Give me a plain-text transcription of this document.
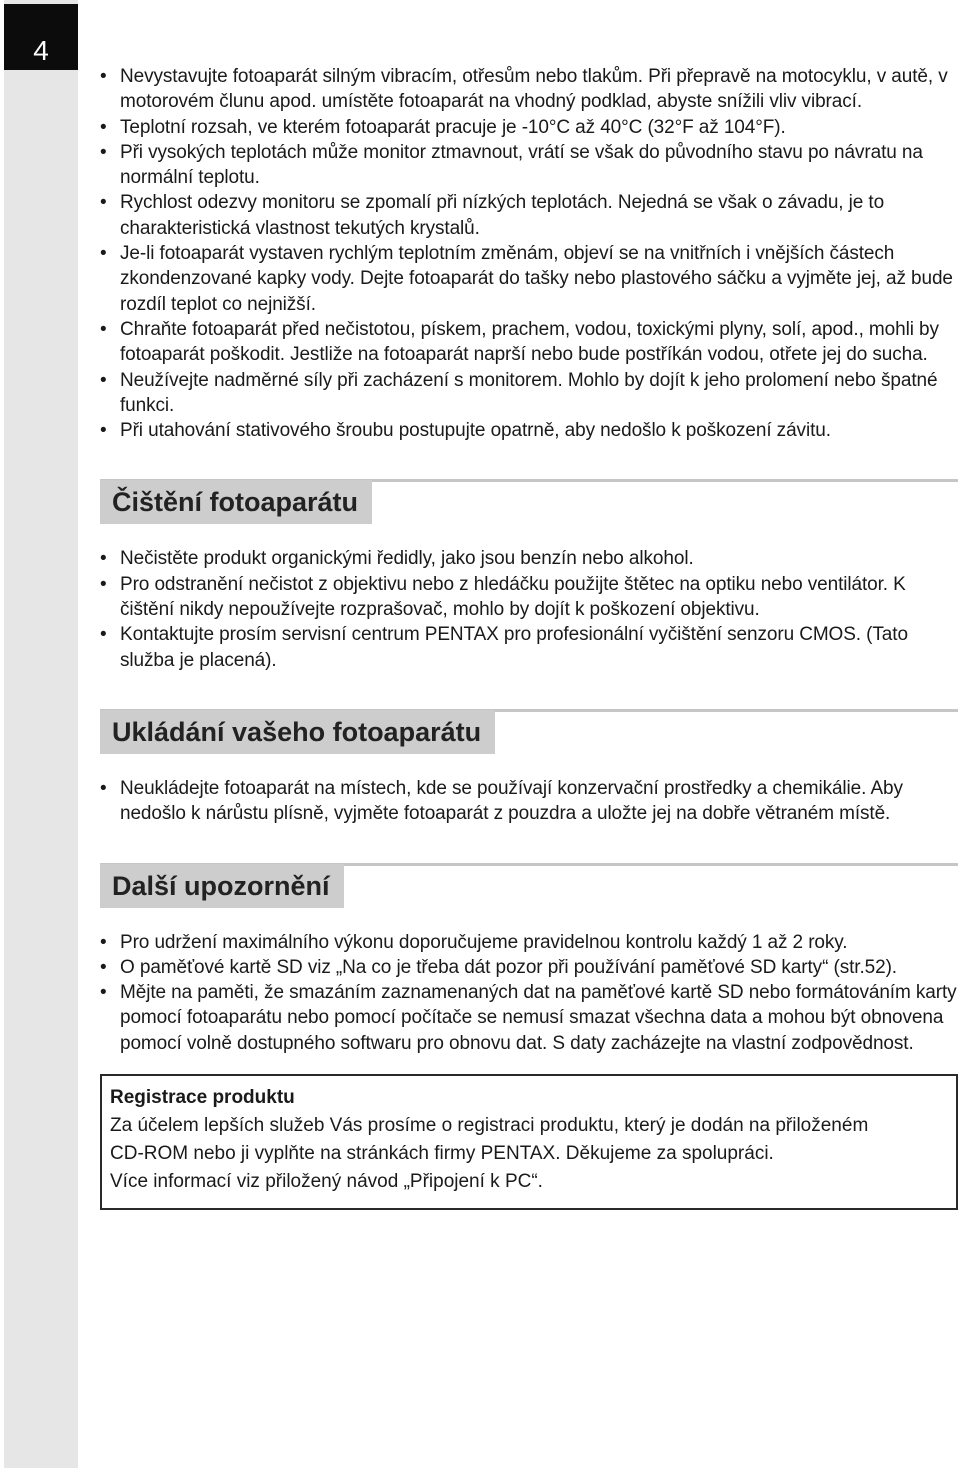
4
• Nevystavujte fotoaparát silným vibracím, otřesům nebo tlakům. Při přepravě na motocyklu, v autě, v motorovém člunu apod. umístěte fotoaparát na vhodný podklad, abyste snížili vliv vibrací.
• Teplotní rozsah, ve kterém fotoaparát pracuje je -10°C až 40°C (32°F až 104°F).
• Při vysokých teplotách může monitor ztmavnout, vrátí se však do původního stavu po návratu na normální teplotu.
• Rychlost odezvy monitoru se zpomalí při nízkých teplotách. Nejedná se však o závadu, je to charakteristická vlastnost tekutých krystalů.
• Je-li fotoaparát vystaven rychlým teplotním změnám, objeví se na vnitřních i vnějších částech zkondenzované kapky vody. Dejte fotoaparát do tašky nebo plastového sáčku a vyjměte jej, až bude rozdíl teplot co nejnižší.
• Chraňte fotoaparát před nečistotou, pískem, prachem, vodou, toxickými plyny, solí, apod., mohli by fotoaparát poškodit. Jestliže na fotoaparát naprší nebo bude postříkán vodou, otřete jej do sucha.
• Neužívejte nadměrné síly při zacházení s monitorem. Mohlo by dojít k jeho prolomení nebo špatné funkci.
• Při utahování stativového šroubu postupujte opatrně, aby nedošlo k poškození závitu.
Čištění fotoaparátu
• Nečistěte produkt organickými ředidly, jako jsou benzín nebo alkohol.
• Pro odstranění nečistot z objektivu nebo z hledáčku použijte štětec na optiku nebo ventilátor. K čištění nikdy nepoužívejte rozprašovač, mohlo by dojít k poškození objektivu.
• Kontaktujte prosím servisní centrum PENTAX pro profesionální vyčištění senzoru CMOS. (Tato služba je placená).
Ukládání vašeho fotoaparátu
• Neukládejte fotoaparát na místech, kde se používají konzervační prostředky a chemikálie. Aby nedošlo k nárůstu plísně, vyjměte fotoaparát z pouzdra a uložte jej na dobře větraném místě.
Další upozornění
• Pro udržení maximálního výkonu doporučujeme pravidelnou kontrolu každý 1 až 2 roky.
• O paměťové kartě SD viz „Na co je třeba dát pozor při používání paměťové SD karty“ (str.52).
• Mějte na paměti, že smazáním zaznamenaných dat na paměťové kartě SD nebo formátováním karty pomocí fotoaparátu nebo pomocí počítače se nemusí smazat všechna data a mohou být obnovena pomocí volně dostupného softwaru pro obnovu dat. S daty zacházejte na vlastní zodpovědnost.
Registrace produktu
Za účelem lepších služeb Vás prosíme o registraci produktu, který je dodán na přiloženém
CD-ROM nebo ji vyplňte na stránkách firmy PENTAX. Děkujeme za spolupráci.
Více informací viz přiložený návod „Připojení k PC“.
